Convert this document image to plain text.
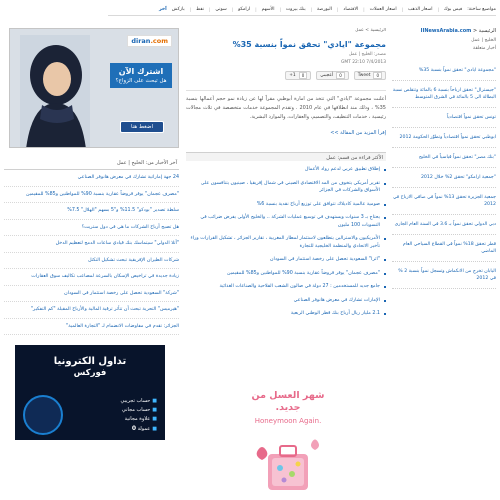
مواضيع ساخنة:
فيس بوك
|
اسعار الذهب
|
اسعار العملات
|
الاقتصاد
|
البورصة
|
بنك بيروت
|
الأسهم
|
ارامكو
|
سوني
|
نفط
|
بازكش
آخر
الرئيسية < IINewsArabia.com
الخليج | عمل
أخبار متعلقة
"مجموعة ايادي" تحقق نمواً بنسبة 35%
"جيسترال" تحقق ارباحاً بنسبة 6 بالمائة وتتقلص نسبة البطالة الى 5 بالمائة في الشرق المتوسط
تونس تحقق نمواً اقتصادياً
ابوظبي تحقق نمواً اقتصادياً وتطوّر الحكومة 2012
"بنك مصر" تحقق نمواً قياسياً في الخليج
"جمعية ارامكو" تحقق 2% خلال 2012
جمعية الجزيرة تحقق 13% نمواً في صافي الارباح في 2012
دبي الدولي تحقق نمواً بـ 3.6 في السنة العام الجاري
قطر تحقق 18% نمواً في القطاع السياحي العام الماضي
اليابان تخرج من الانكماش وتسجل نمواً بنسبة 2 % في 2012
الرئيسية > عمل
مجموعة "ايادي" تحقق نمواً بنسبة 35%
مصدر: الخليج | عمل
GMT 22:10 7/4/2013
Tweet	0
أعجبني	0
+1	0

أعلنت مجموعة "ايادي" التي تتخذ من امارة أبوظبي مقراً لها عن زيادة نمو حجم أعمالها بنسبة 35% ، وذلك منذ انطلاقها في عام 2010 . وتقدم المجموعة خدمات متخصصة في ثلاث مجالات رئيسية ، خدمات التنظيف، والتصميم، والعقارات، والموارد البشرية.

إقرأ المزيد من المقالة >>
الأكثر قراءة من قسم: عمل
إطلاق تطبيق عربي لدعم رواد الأعمال
تقرير أمريكي يتخوف من المد الاقتصادي الصيني في شمال إفريقيا ، صينيون يتنافسون على الأسواق والشركات في الجزائر
صومية عالمية كاديلاك تتوافق على توزيع أرباح نقدية بنسبة 6%
يحتاج بـ 3 سنوات ويستهدف في توسيع عمليات الشركة .. والخليج الأولى يفرض ضرائب في التسويات 100 مليون
الأمريكيون والاسترالين يتطلعون لاستثمار لمطار المغربية ، تقارير الجزائر ، تشكيل القرارات وراء تأخير الاتحادي والمنظمة الخليجية للتجارة
"اثرا" السعودية تحصل على رخصة استثمار في السودان
"مصرف عجمان" يوفر قروضاً عقارية بنسبة 90% للمواطنين و85% للمقيمين
جامع جديد للمستخدمين : 27 دولة في صالون الشعب الفلاحية والصناعات الغذائية
الإمارات تشارك في معرض هانوفر الصناعي
2.1 مليار ريال أرباح بنك قطر الوطني الربعية
شهر العسل من جديد.
Honeymoon Again.
diran.com
اشترك الآن
هل تبحث على الزواج؟
اضغط هنا
آخر الأخبار من: الخليج | عمل
24 جهة إماراتية تشارك في معرض هانوفر الصناعي
"مصرف عجمان" يوفر قروضاً عقارية بنسبة 90% للمواطنين و85% للمقيمين
سلطة تصدير "بودكو" 11.5% و"5 بسهم "الهلال" 7.5%
هل تصبح أرباح الشركات ما هي في دول ستريت؟
"أتلا الدولي" سيتماسك بنك قيادي ساعات الدمج لتعظيم الدخل
شركات الطيران الإفريقية تبحث تشكيل التكتل
زيادة جديدة في تراخيص الإسكان بالسرعة لمصاعب تكاليف سوق العقارات
"شركة" السعودية تحصل على رخصة استثمار في السودان
"هيرميس" التحرية تبحث أن تتأثر ترقية المالية والأرباح المقبلة "كم التفكير"
الجزائر: تقدم في مفاوضات الانضمام لـ "التجارة العالمية"
تداول الكترونيا
فوركس
■حساب تجريبي
■حساب مجاني
■علاوة مجانية
■عمولة 0
